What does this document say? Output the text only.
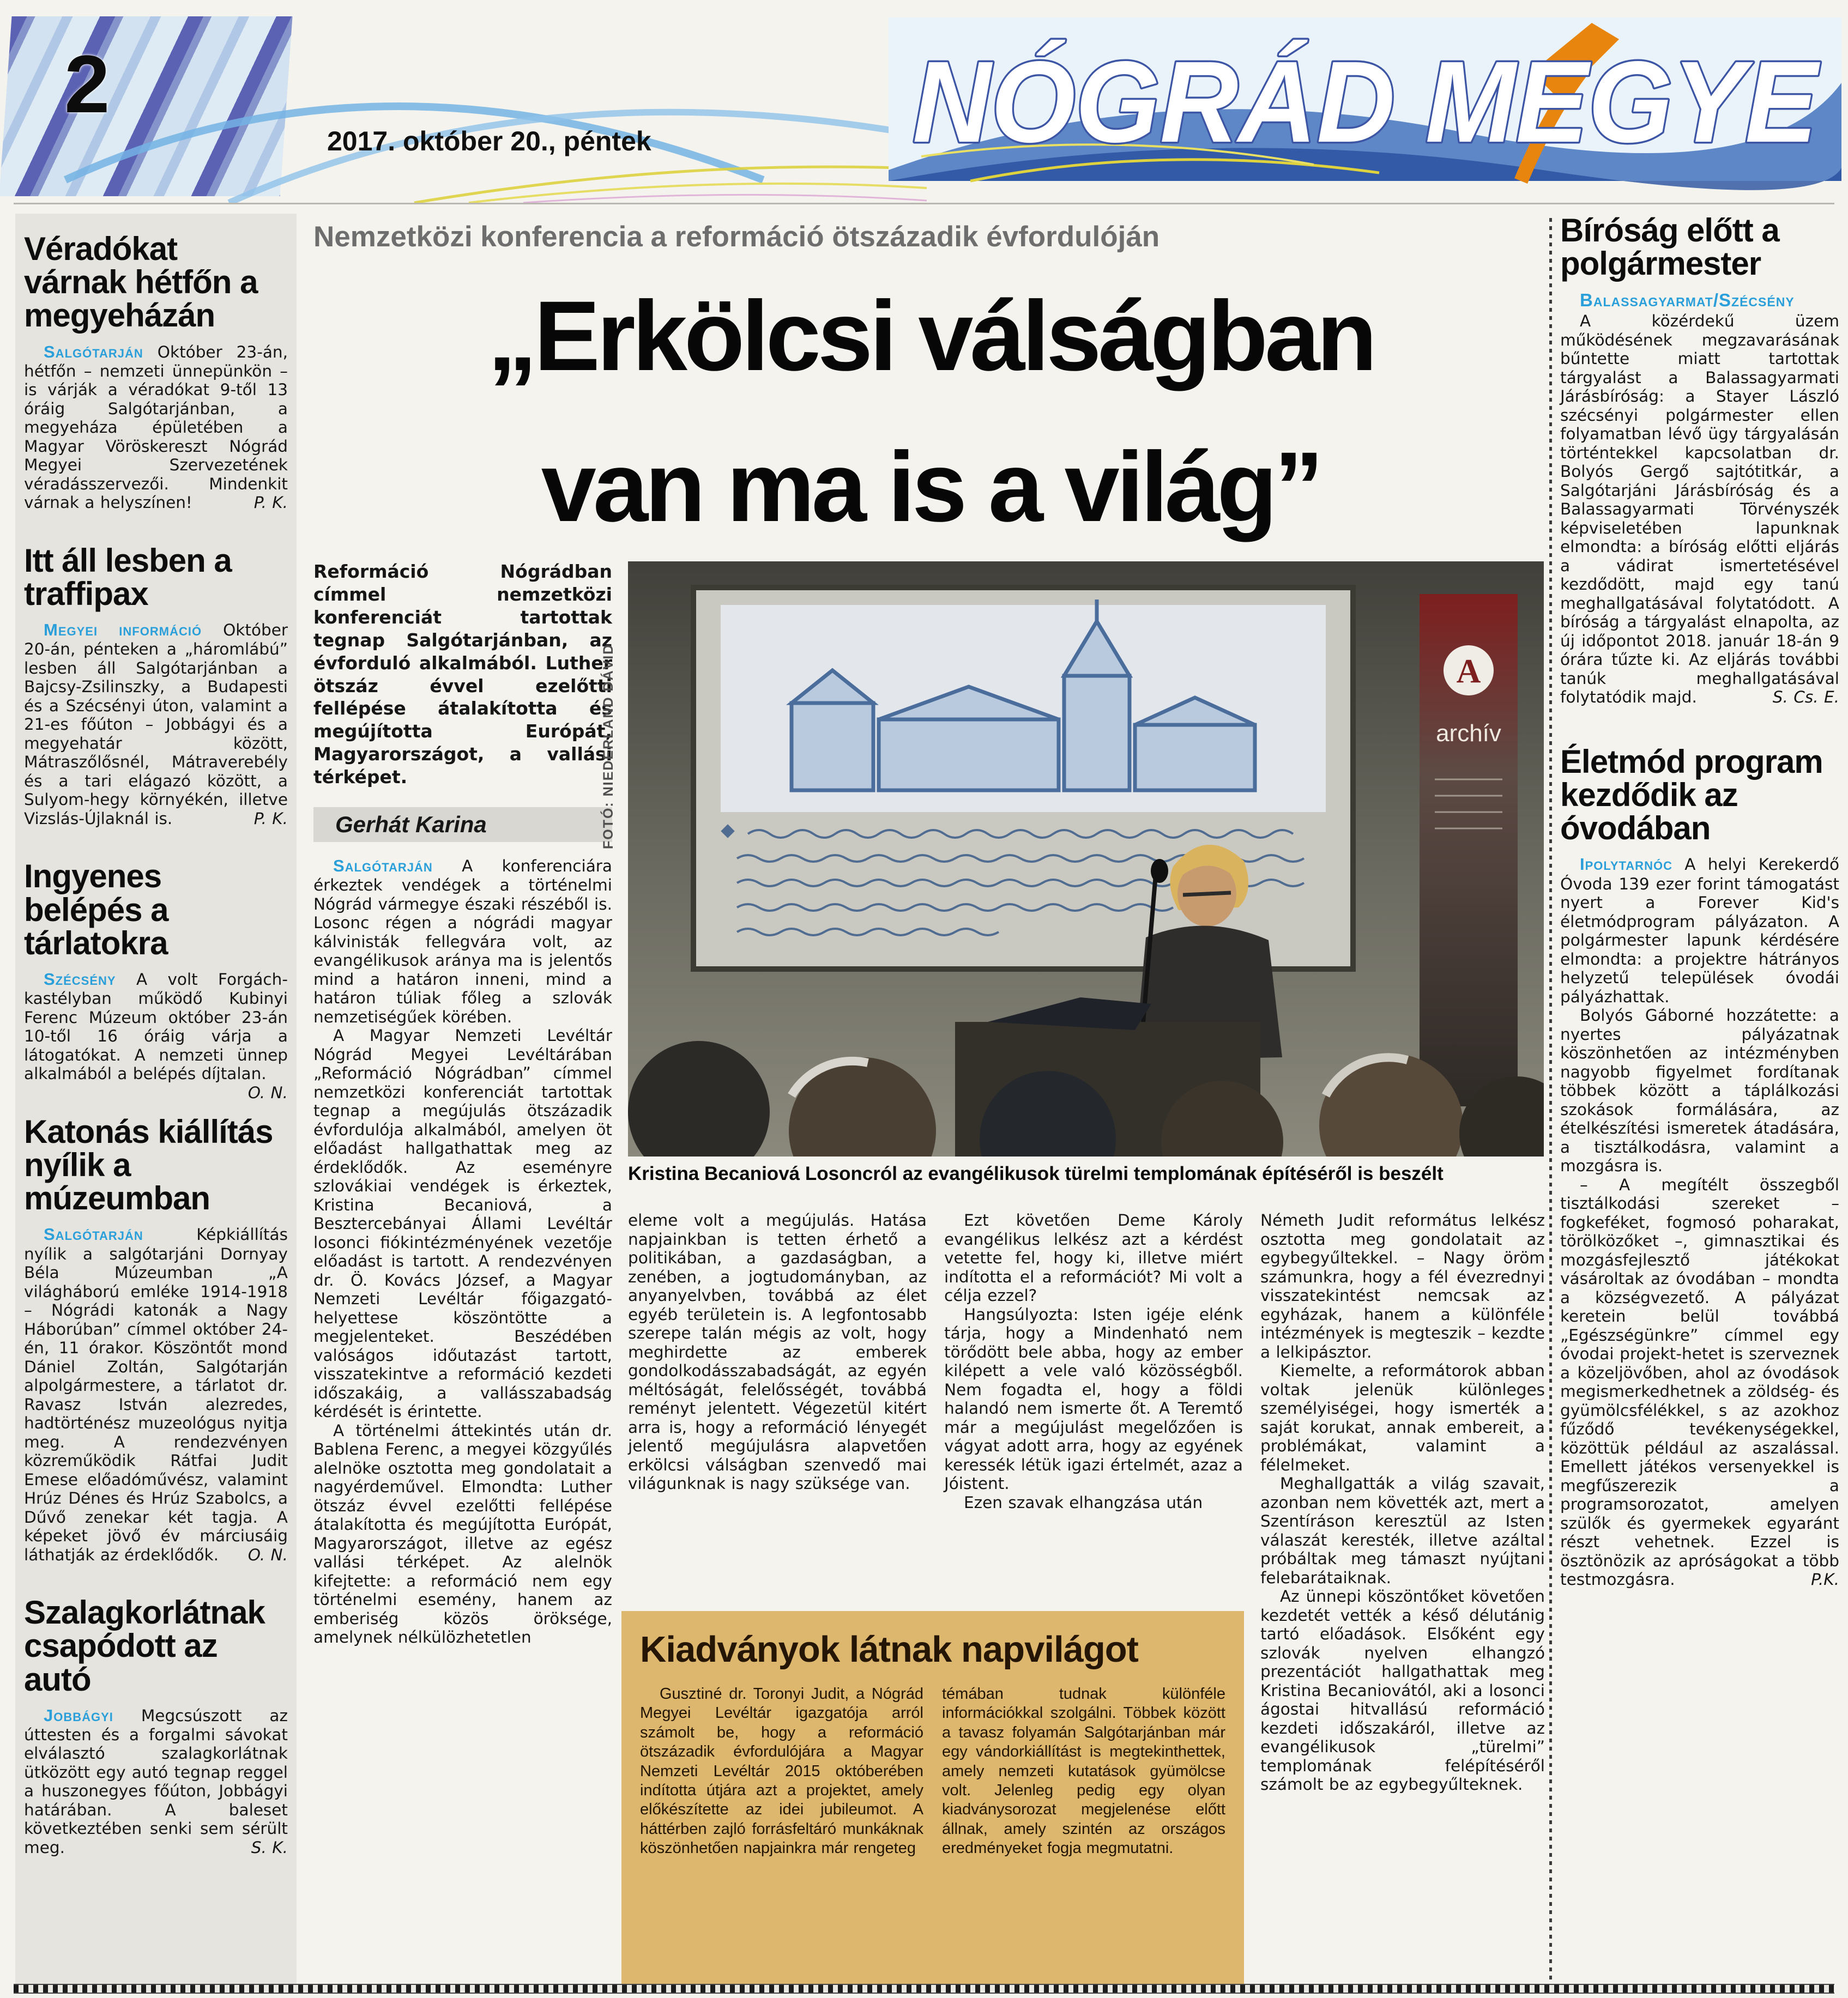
2	NÓGRÁD MEGYE
2017. október 20., péntek
Véradókat várnak hétfőn a megyeházán

Salgótarján Október 23-án, hétfőn – nemzeti ünnepünkön – is várják a véradókat 9-től 13 óráig Salgótarjánban, a megyeháza épületében a Magyar Vöröskereszt Nógrád Megyei Szervezetének véradásszervezői. Mindenkit várnak a helyszínen!	P. K.

Itt áll lesben a traffipax

Megyei információ Október 20-án, pénteken a „háromlábú” lesben áll Salgótarjánban a Bajcsy-Zsilinszky, a Budapesti és a Szécsényi úton, valamint a 21-es főúton – Jobbágyi és a megyehatár között, Mátraszőlősnél, Mátraverebély és a tari elágazó között, a Sulyom-hegy környékén, illetve Vizslás-Újlaknál is.	P. K.

Ingyenes belépés a tárlatokra

Szécsény A volt Forgách-kastélyban működő Kubinyi Ferenc Múzeum október 23-án 10-től 16 óráig várja a látogatókat. A nemzeti ünnep alkalmából a belépés díjtalan.
O. N.

Katonás kiállítás nyílik a múzeumban

Salgótarján	Képkiállítás nyílik a salgótarjáni Dornyay Béla Múzeumban „A világháború emléke 1914-1918 – Nógrádi katonák a Nagy Háborúban” címmel október 24-én, 11 órakor. Köszöntőt mond Dániel Zoltán, Salgótarján alpolgármestere, a tárlatot dr. Ravasz István alezredes, hadtörténész muzeológus nyitja meg. A rendezvényen közreműködik Rátfai Judit Emese előadóművész, valamint Hrúz Dénes és Hrúz Szabolcs, a Dűvő zenekar két tagja. A képeket jövő év márciusáig láthatják az érdeklődők.	O. N.

Szalagkorlátnak csapódott az autó

Jobbágyi Megcsúszott az úttesten és a forgalmi sávokat elválasztó szalagkorlátnak ütközött egy autó tegnap reggel a huszonegyes főúton, Jobbágyi határában. A baleset következtében senki sem sérült meg.	S. K.

Nemzetközi konferencia a reformáció ötszázadik évfordulóján
„Erkölcsi válságban
van ma is a világ”

Reformáció Nógrádban címmel nemzetközi konferenciát tartottak tegnap Salgótarjánban, az évforduló alkalmából. Luther ötszáz évvel ezelőtti fellépése átalakította és megújította Európát, Magyarországot, a vallási térképet.

Gerhát Karina

Salgótarján A konferenciára érkeztek vendégek a történelmi Nógrád vármegye északi részéből is. Losonc régen a nógrádi magyar kálvinisták fellegvára volt, az evangélikusok aránya ma is jelentős mind a határon inneni, mind a határon túliak főleg a szlovák nemzetiségűek körében.

A Magyar Nemzeti Levéltár Nógrád Megyei Levéltárában „Reformáció Nógrádban” címmel nemzetközi konferenciát tartottak tegnap a megújulás ötszázadik évfordulója alkalmából, amelyen öt előadást hallgathattak meg az érdeklődők. Az eseményre szlovákiai vendégek is érkeztek, Kristina Becaniová, a Besztercebányai Állami Levéltár losonci fiókintézményének vezetője előadást is tartott. A rendezvényen dr. Ö. Kovács József, a Magyar Nemzeti Levéltár főigazgató-helyettese köszöntötte a megjelenteket. Beszédében valóságos időutazást tartott, visszatekintve a reformáció kezdeti időszakáig, a vallásszabadság kérdését is érintette.

A történelmi áttekintés után dr. Bablena Ferenc, a megyei közgyűlés alelnöke osztotta meg gondolatait a nagyérdeművel. Elmondta: Luther ötszáz évvel ezelőtti fellépése átalakította és megújította Európát, Magyarországot, illetve az egész vallási térképet. Az alelnök kifejtette: a reformáció nem egy történelmi esemény, hanem az emberiség közös öröksége, amelynek nélkülözhetetlen

FOTÓ: NIEDERLAND DÁVID	A
archív
Kristina Becaniová Losoncról az evangélikusok türelmi templomának építéséről is beszélt

eleme volt a megújulás. Hatása napjainkban is tetten érhető a politikában, a gazdaságban, a zenében, a jogtudományban, az anyanyelvben, továbbá az élet egyéb területein is. A legfontosabb szerepe talán mégis az volt, hogy meghirdette az emberek gondolkodásszabadságát, az egyén méltóságát, felelősségét, továbbá reményt jelentett. Végezetül kitért arra is, hogy a reformáció lényegét jelentő megújulásra alapvetően erkölcsi válságban szenvedő mai világunknak is nagy szüksége van.

Ezt követően Deme Károly evangélikus lelkész azt a kérdést vetette fel, hogy ki, illetve miért indította el a reformációt? Mi volt a célja ezzel?

Hangsúlyozta: Isten igéje elénk tárja, hogy a Mindenható nem törődött bele abba, hogy az ember kilépett a vele való közösségből. Nem fogadta el, hogy a földi halandó nem ismerte őt. A Teremtő már a megújulást megelőzően is vágyat adott arra, hogy az egyének keressék létük igazi értelmét, azaz a Jóistent.

Ezen szavak elhangzása után

Németh Judit református lelkész osztotta meg gondolatait az egybegyűltekkel. – Nagy öröm számunkra, hogy a fél évezrednyi visszatekintést nemcsak az egyházak, hanem a különféle intézmények is megteszik – kezdte a lelkipásztor.

Kiemelte, a reformátorok abban voltak jelenük különleges személyiségei, hogy ismerték a saját korukat, annak embereit, a problémákat, valamint a félelmeket.

Meghallgatták a világ szavait, azonban nem követték azt, mert a Szentíráson keresztül az Isten válaszát keresték, illetve azáltal próbáltak meg támaszt nyújtani felebarátaiknak.

Az ünnepi köszöntőket követően kezdetét vették a késő délutánig tartó előadások. Elsőként egy szlovák nyelven elhangzó prezentációt hallgathattak meg Kristina Becaniovától, aki a losonci ágostai hitvallású reformáció kezdeti időszakáról, illetve az evangélikusok „türelmi” templomának felépítéséről számolt be az egybegyűlteknek.

Kiadványok látnak napvilágot

Gusztiné dr. Toronyi Judit, a Nógrád Megyei Levéltár igazgatója arról számolt be, hogy a reformáció ötszázadik évfordulójára a Magyar Nemzeti Levéltár 2015 októberében indította útjára azt a projektet, amely előkészítette az idei jubileumot. A háttérben zajló forrásfeltáró munkáknak köszönhetően napjainkra már rengeteg

témában tudnak különféle információkkal szolgálni. Többek között a tavasz folyamán Salgótarjánban már egy vándorkiállítást is megtekinthettek, amely nemzeti kutatások gyümölcse volt. Jelenleg pedig egy olyan kiadványsorozat megjelenése előtt állnak, amely szintén az országos eredményeket fogja megmutatni.

Bíróság előtt a polgármester
Balassagyarmat/Szécsény

A közérdekű üzem működésének megzavarásának bűntette miatt tartottak tárgyalást a Balassagyarmati Járásbíróság: a Stayer László szécsényi polgármester ellen folyamatban lévő ügy tárgyalásán történtekkel kapcsolatban dr. Bolyós Gergő sajtótitkár, a Salgótarjáni Járásbíróság és a Balassagyarmati Törvényszék képviseletében lapunknak elmondta: a bíróság előtti eljárás a vádirat ismertetésével kezdődött, majd egy tanú meghallgatásával folytatódott. A bíróság a tárgyalást elnapolta, az új időpontot 2018. január 18-án 9 órára tűzte ki. Az eljárás további tanúk meghallgatásával folytatódik majd.	S. Cs. E.

Életmód program kezdődik az óvodában

Ipolytarnóc A helyi Kerekerdő Óvoda 139 ezer forint támogatást nyert a Forever Kid's életmódprogram pályázaton. A polgármester lapunk kérdésére elmondta: a projektre hátrányos helyzetű települések óvodái pályázhattak.

Bolyós Gáborné hozzátette: a nyertes pályázatnak köszönhetően az intézményben nagyobb figyelmet fordítanak többek között a táplálkozási szokások formálására, az ételkészítési ismeretek átadására, a tisztálkodásra, valamint a mozgásra is.

– A megítélt összegből tisztálkodási szereket – fogkeféket, fogmosó poharakat, törölközőket –, gimnasztikai és mozgásfejlesztő játékokat vásároltak az óvodában – mondta a községvezető. A pályázat keretein belül továbbá „Egészségünkre” címmel egy óvodai projekt-hetet is szerveznek a közeljövőben, ahol az óvodások megismerkedhetnek a zöldség- és gyümölcsfélékkel, s az azokhoz fűződő tevékenységekkel, közöttük például az aszalással. Emellett játékos versenyekkel is megfűszerezik a programsorozatot, amelyen szülők és gyermekek egyaránt részt vehetnek. Ezzel is ösztönözik az apróságokat a több testmozgásra.	P.K.
